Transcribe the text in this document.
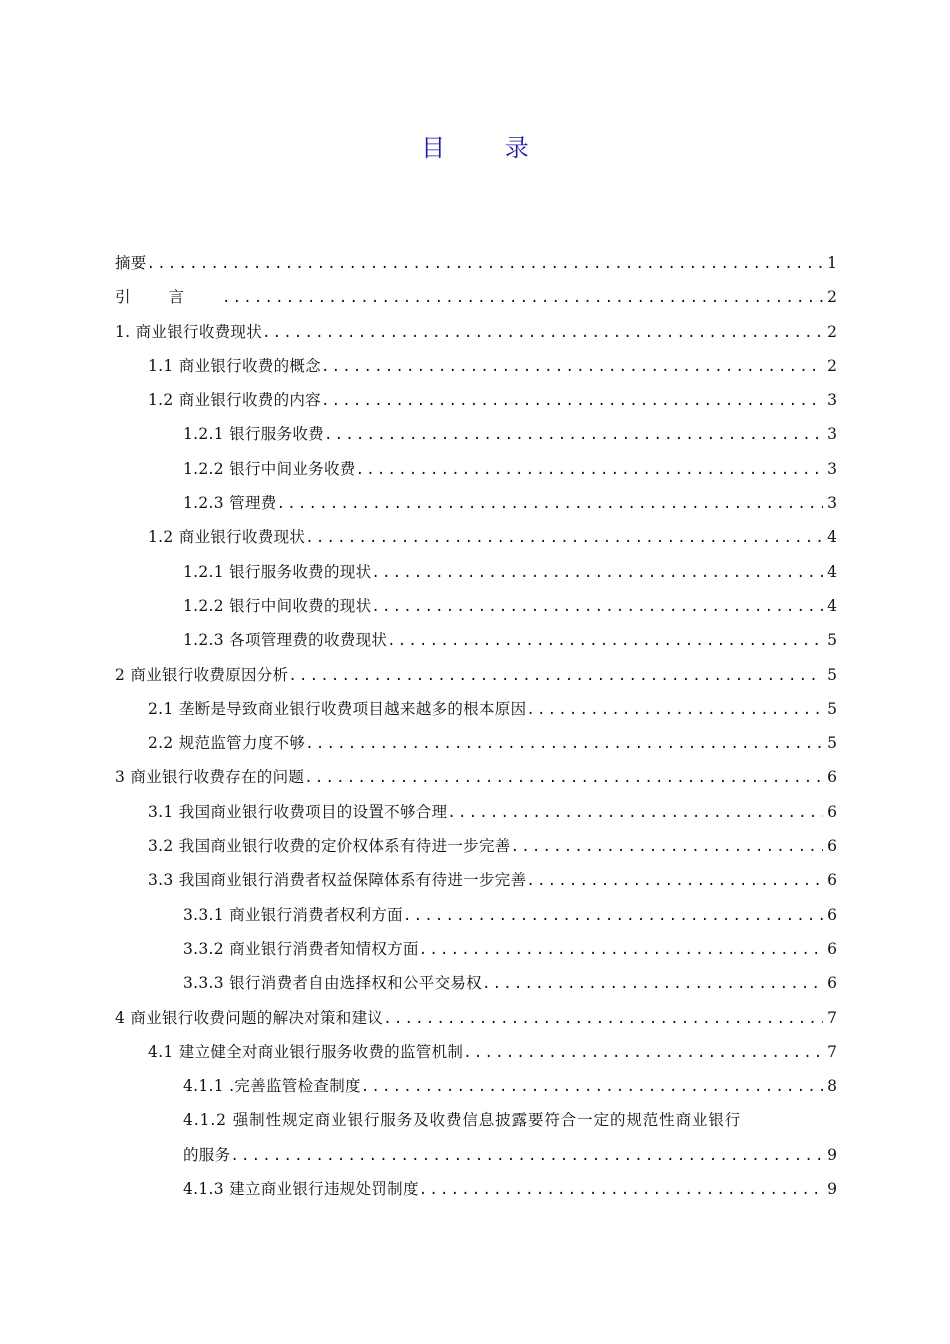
目 录
摘要 .....	1
引言 .....	2
1. 商业银行收费现状 .....	2
1.1 商业银行收费的概念 .....	2
1.2 商业银行收费的内容 .....	3
1.2.1 银行服务收费 .....	3
1.2.2 银行中间业务收费 .....	3
1.2.3 管理费 .....	3
1.2 商业银行收费现状 .....	4
1.2.1 银行服务收费的现状 .....	4
1.2.2 银行中间收费的现状 .....	4
1.2.3 各项管理费的收费现状 .....	5
2 商业银行收费原因分析 .....	5
2.1 垄断是导致商业银行收费项目越来越多的根本原因 .....	5
2.2 规范监管力度不够 .....	5
3 商业银行收费存在的问题 .....	6
3.1 我国商业银行收费项目的设置不够合理 .....	6
3.2 我国商业银行收费的定价权体系有待进一步完善 .....	6
3.3 我国商业银行消费者权益保障体系有待进一步完善 .....	6
3.3.1 商业银行消费者权利方面 .....	6
3.3.2 商业银行消费者知情权方面 .....	6
3.3.3 银行消费者自由选择权和公平交易权 .....	6
4 商业银行收费问题的解决对策和建议 .....	7
4.1 建立健全对商业银行服务收费的监管机制 .....	7
4.1.1 .完善监管检查制度 .....	8
4.1.2 强制性规定商业银行服务及收费信息披露要符合一定的规范性商业银行
的服务 .....	9
4.1.3 建立商业银行违规处罚制度 .....	9
